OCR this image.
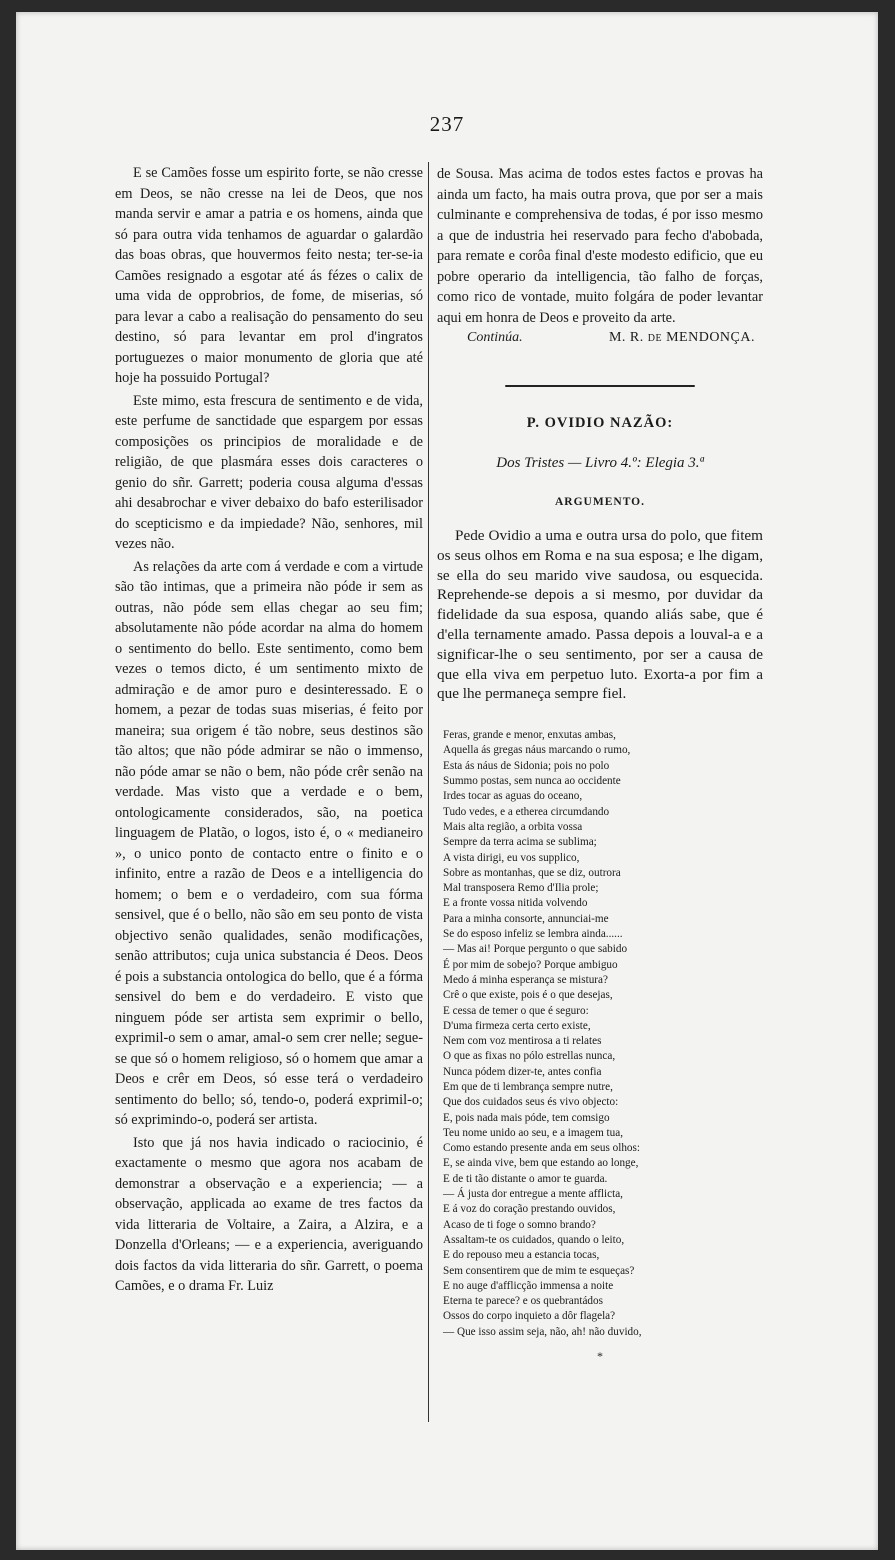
237

E se Camões fosse um espirito forte, se não cresse em Deos, se não cresse na lei de Deos, que nos manda servir e amar a patria e os homens, ainda que só para outra vida tenhamos de aguardar o galardão das boas obras, que houvermos feito nesta; ter-se-ia Camões resignado a esgotar até ás fézes o calix de uma vida de opprobrios, de fome, de miserias, só para levar a cabo a realisação do pensamento do seu destino, só para levantar em prol d'ingratos portuguezes o maior monumento de gloria que até hoje ha possuido Portugal?

Este mimo, esta frescura de sentimento e de vida, este perfume de sanctidade que espargem por essas composições os principios de moralidade e de religião, de que plasmára esses dois caracteres o genio do sñr. Garrett; poderia cousa alguma d'essas ahi desabrochar e viver debaixo do bafo esterilisador do scepticismo e da impiedade? Não, senhores, mil vezes não.

As relações da arte com á verdade e com a virtude são tão intimas, que a primeira não póde ir sem as outras, não póde sem ellas chegar ao seu fim; absolutamente não póde acordar na alma do homem o sentimento do bello. Este sentimento, como bem vezes o temos dicto, é um sentimento mixto de admiração e de amor puro e desinteressado. E o homem, a pezar de todas suas miserias, é feito por maneira; sua origem é tão nobre, seus destinos são tão altos; que não póde admirar se não o immenso, não póde amar se não o bem, não póde crêr senão na verdade. Mas visto que a verdade e o bem, ontologicamente considerados, são, na poetica linguagem de Platão, o logos, isto é, o « medianeiro », o unico ponto de contacto entre o finito e o infinito, entre a razão de Deos e a intelligencia do homem; o bem e o verdadeiro, com sua fórma sensivel, que é o bello, não são em seu ponto de vista objectivo senão qualidades, senão modificações, senão attributos; cuja unica substancia é Deos. Deos é pois a substancia ontologica do bello, que é a fórma sensivel do bem e do verdadeiro. E visto que ninguem póde ser artista sem exprimir o bello, exprimil-o sem o amar, amal-o sem crer nelle; segue-se que só o homem religioso, só o homem que amar a Deos e crêr em Deos, só esse terá o verdadeiro sentimento do bello; só, tendo-o, poderá exprimil-o; só exprimindo-o, poderá ser artista.

Isto que já nos havia indicado o raciocinio, é exactamente o mesmo que agora nos acabam de demonstrar a observação e a experiencia; — a observação, applicada ao exame de tres factos da vida litteraria de Voltaire, a Zaira, a Alzira, e a Donzella d'Orleans; — e a experiencia, averiguando dois factos da vida litteraria do sñr. Garrett, o poema Camões, e o drama Fr. Luiz

de Sousa. Mas acima de todos estes factos e provas ha ainda um facto, ha mais outra prova, que por ser a mais culminante e comprehensiva de todas, é por isso mesmo a que de industria hei reservado para fecho d'abobada, para remate e corôa final d'este modesto edificio, que eu pobre operario da intelligencia, tão falho de forças, como rico de vontade, muito folgára de poder levantar aqui em honra de Deos e proveito da arte.

Continúa.	M. R. de MENDONÇA.
P. OVIDIO NAZÃO:
Dos Tristes — Livro 4.º: Elegia 3.ª
ARGUMENTO.

Pede Ovidio a uma e outra ursa do polo, que fitem os seus olhos em Roma e na sua esposa; e lhe digam, se ella do seu marido vive saudosa, ou esquecida. Reprehende-se depois a si mesmo, por duvidar da fidelidade da sua esposa, quando aliás sabe, que é d'ella ternamente amado. Passa depois a louval-a e a significar-lhe o seu sentimento, por ser a causa de que ella viva em perpetuo luto. Exorta-a por fim a que lhe permaneça sempre fiel.

Feras, grande e menor, enxutas ambas,
Aquella ás gregas náus marcando o rumo,
Esta ás náus de Sidonia; pois no polo
Summo postas, sem nunca ao occidente
Irdes tocar as aguas do oceano,
Tudo vedes, e a etherea circumdando
Mais alta região, a orbita vossa
Sempre da terra acima se sublima;
A vista dirigi, eu vos supplico,
Sobre as montanhas, que se diz, outrora
Mal transposera Remo d'Ilia prole;
E a fronte vossa nitida volvendo
Para a minha consorte, annunciai-me
Se do esposo infeliz se lembra ainda......
— Mas ai! Porque pergunto o que sabido
É por mim de sobejo? Porque ambiguo
Medo á minha esperança se mistura?
Crê o que existe, pois é o que desejas,
E cessa de temer o que é seguro:
D'uma firmeza certa certo existe,
Nem com voz mentirosa a ti relates
O que as fixas no pólo estrellas nunca,
Nunca pódem dizer-te, antes confia
Em que de ti lembrança sempre nutre,
Que dos cuidados seus és vivo objecto:
E, pois nada mais póde, tem comsigo
Teu nome unido ao seu, e a imagem tua,
Como estando presente anda em seus olhos:
E, se ainda vive, bem que estando ao longe,
E de ti tão distante o amor te guarda.
— Á justa dor entregue a mente afflicta,
E á voz do coração prestando ouvidos,
Acaso de ti foge o somno brando?
Assaltam-te os cuidados, quando o leito,
E do repouso meu a estancia tocas,
Sem consentirem que de mim te esqueças?
E no auge d'afflicção immensa a noite
Eterna te parece? e os quebrantádos
Ossos do corpo inquieto a dôr flagela?
— Que isso assim seja, não, ah! não duvido,
*
